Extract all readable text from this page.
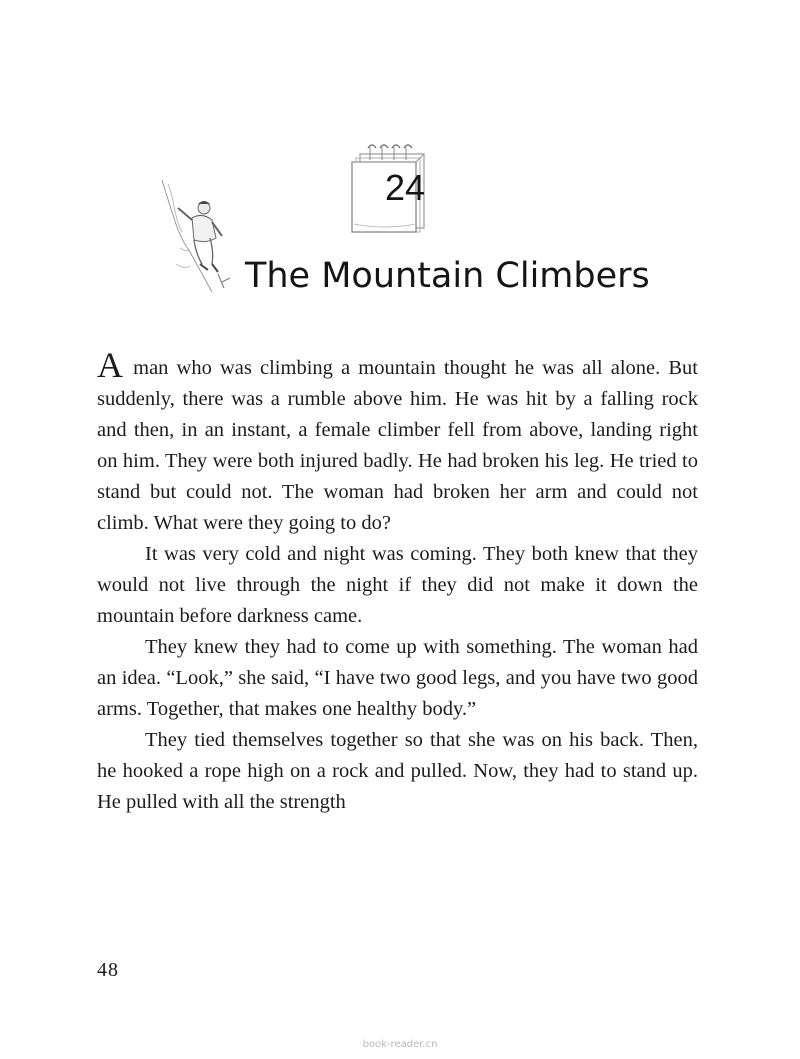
24
The Mountain Climbers

A man who was climbing a mountain thought he was all alone. But suddenly, there was a rumble above him. He was hit by a falling rock and then, in an instant, a female climber fell from above, landing right on him. They were both injured badly. He had broken his leg. He tried to stand but could not. The woman had broken her arm and could not climb. What were they going to do?

It was very cold and night was coming. They both knew that they would not live through the night if they did not make it down the mountain before darkness came.

They knew they had to come up with something. The woman had an idea. “Look,” she said, “I have two good legs, and you have two good arms. Together, that makes one healthy body.”

They tied themselves together so that she was on his back. Then, he hooked a rope high on a rock and pulled. Now, they had to stand up. He pulled with all the strength

48
book-reader.cn
